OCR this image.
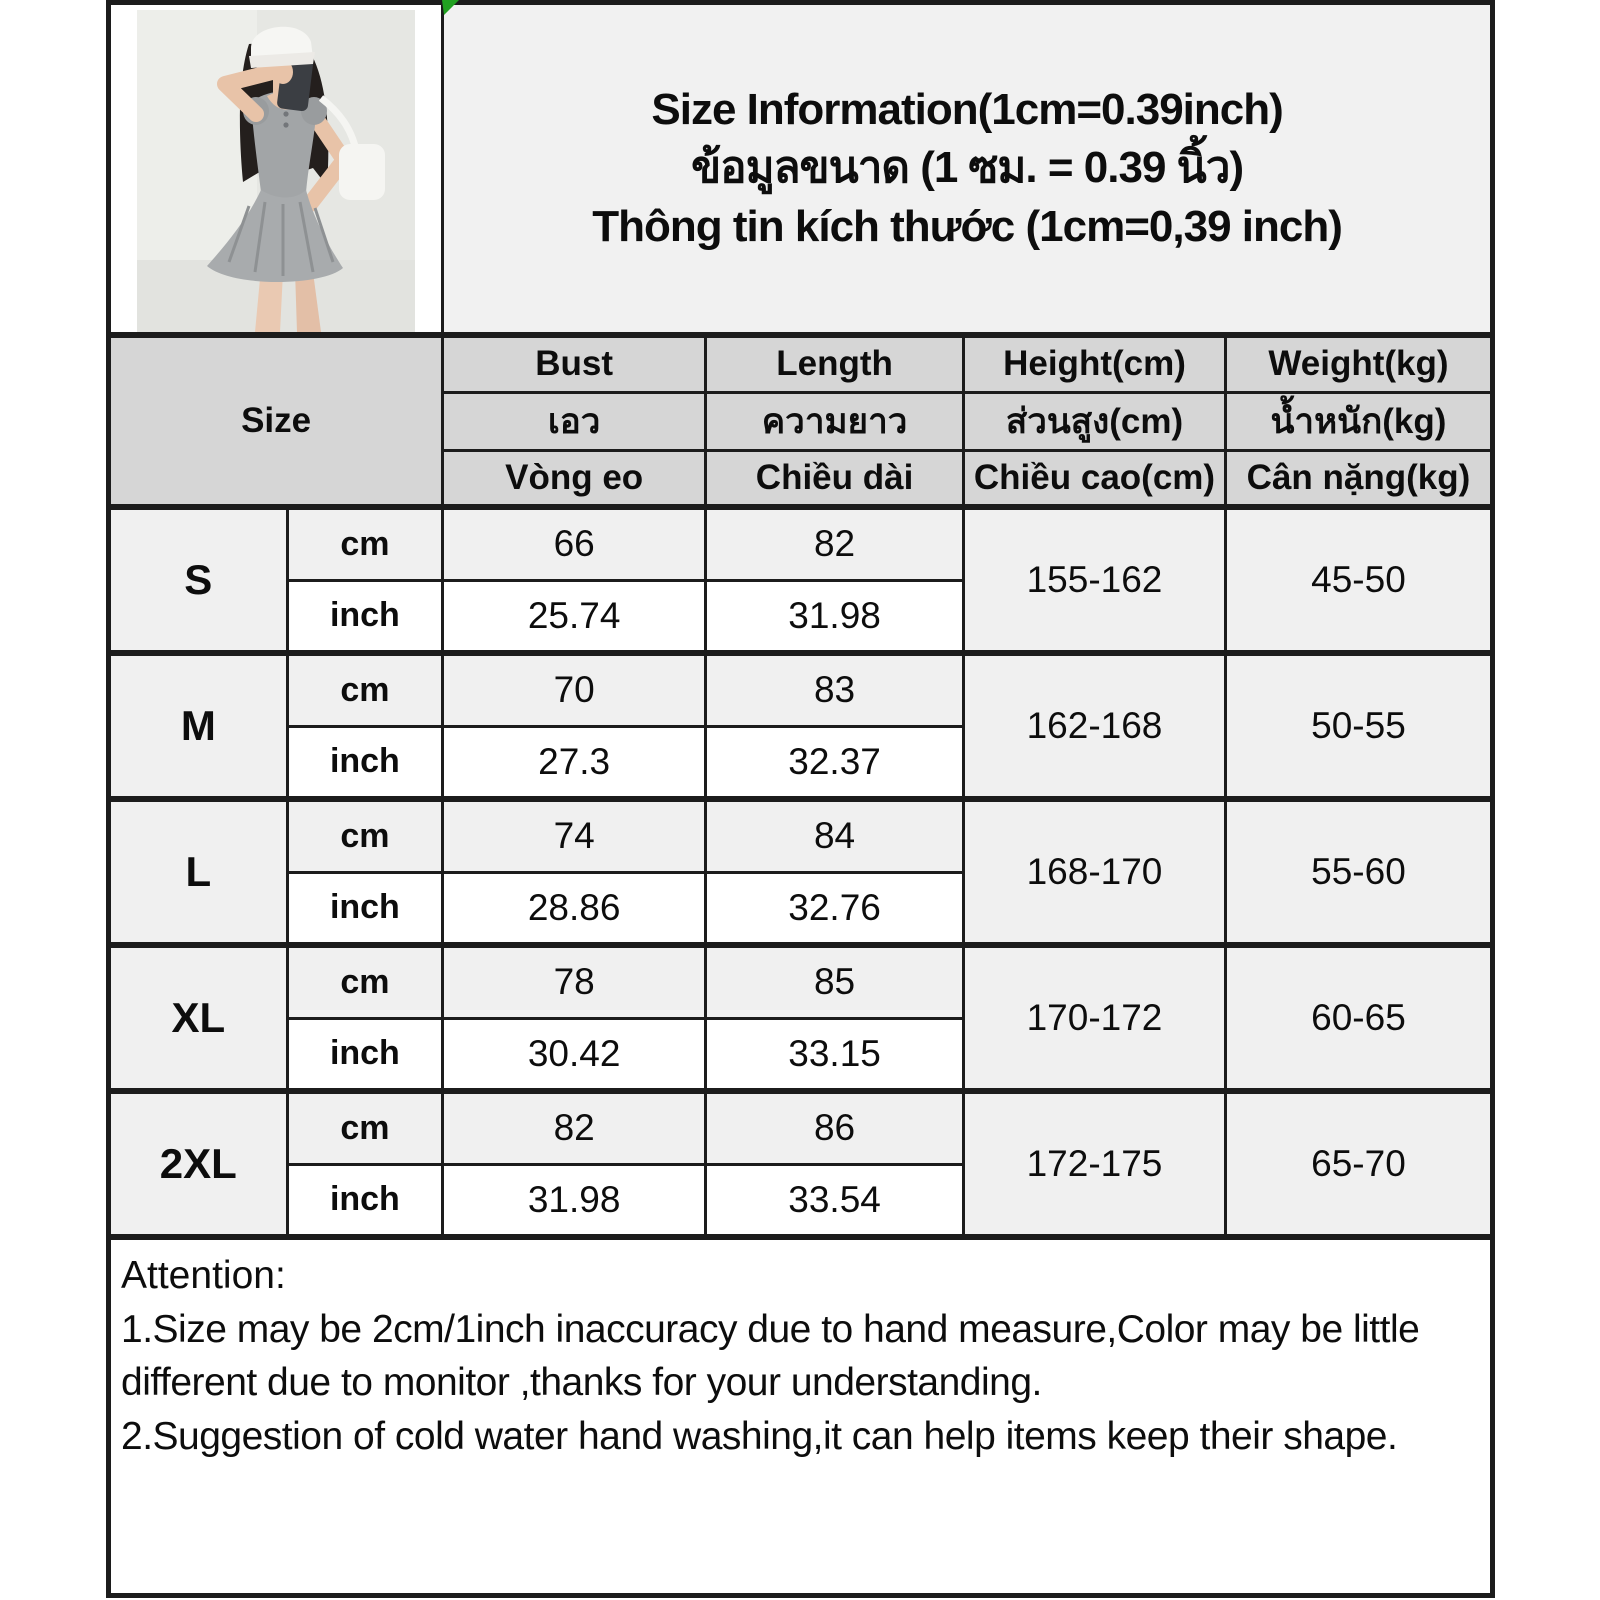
Size Information(1cm=0.39inch)
ข้อมูลขนาด (1 ซม. = 0.39 นิ้ว)
Thông tin kích thước (1cm=0,39 inch)			

Size		Bust	Length	Height(cm)	Weight(kg)
		เอว	ความยาว	ส่วนสูง(cm)	น้ำหนัก(kg)
		Vòng eo	Chiều dài	Chiều cao(cm)	Cân nặng(kg)
S	cm	66	82	155-162	45-50
	inch	25.74	31.98		
M	cm	70	83	162-168	50-55
	inch	27.3	32.37		
L	cm	74	84	168-170	55-60
	inch	28.86	32.76		
XL	cm	78	85	170-172	60-65
	inch	30.42	33.15		
2XL	cm	82	86	172-175	65-70
	inch	31.98	33.54		

Attention:

1.Size may be 2cm/1inch inaccuracy due to hand measure,Color may be little different due to monitor ,thanks for your understanding.

2.Suggestion of cold water hand washing,it can help items keep their shape.					
